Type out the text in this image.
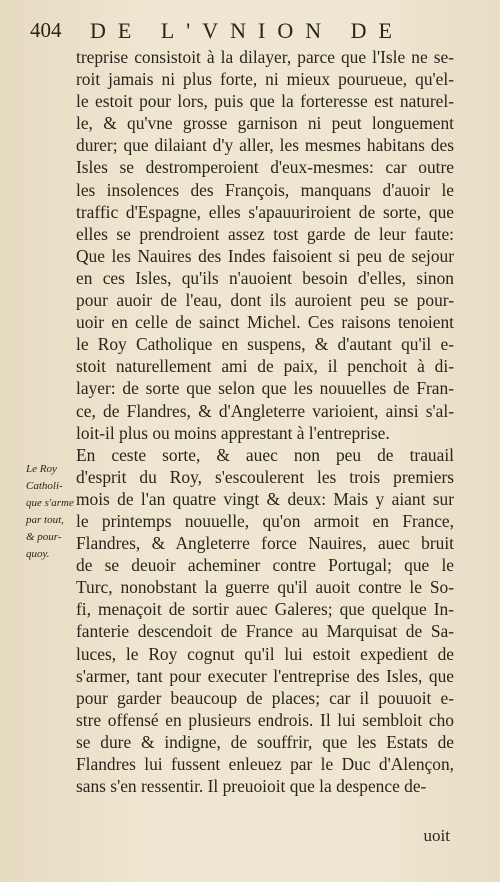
404 DE L'VNION DE
treprise consistoit à la dilayer, parce que l'Isle ne se-
roit jamais ni plus forte, ni mieux pourueue, qu'el-
le estoit pour lors, puis que la forteresse est naturel-
le, & qu'vne grosse garnison ni peut longuement
durer; que dilaiant d'y aller, les mesmes habitans des
Isles se destromperoient d'eux-mesmes: car outre
les insolences des François, manquans d'auoir le
traffic d'Espagne, elles s'apauuriroient de sorte, que
elles se prendroient assez tost garde de leur faute:
Que les Nauires des Indes faisoient si peu de sejour
en ces Isles, qu'ils n'auoient besoin d'elles, sinon
pour auoir de l'eau, dont ils auroient peu se pour-
uoir en celle de sainct Michel. Ces raisons tenoient
le Roy Catholique en suspens, & d'autant qu'il e-
stoit naturellement ami de paix, il penchoit à di-
layer: de sorte que selon que les nouuelles de Fran-
ce, de Flandres, & d'Angleterre varioient, ainsi s'al-
loit-il plus ou moins apprestant à l'entreprise.
En ceste sorte, & auec non peu de trauail
d'esprit du Roy, s'escoulerent les trois premiers
mois de l'an quatre vingt & deux: Mais y aiant sur
le printemps nouuelle, qu'on armoit en France,
Flandres, & Angleterre force Nauires, auec bruit
de se deuoir acheminer contre Portugal; que le
Turc, nonobstant la guerre qu'il auoit contre le So-
fi, menaçoit de sortir auec Galeres; que quelque In-
fanterie descendoit de France au Marquisat de Sa-
luces, le Roy cognut qu'il lui estoit expedient de
s'armer, tant pour executer l'entreprise des Isles, que
pour garder beaucoup de places; car il pouuoit e-
stre offensé en plusieurs endrois. Il lui sembloit cho
se dure & indigne, de souffrir, que les Estats de
Flandres lui fussent enleuez par le Duc d'Alençon,
sans s'en ressentir. Il preuoioit que la despence de-
Le Roy
Catholi-
que s'arme
par tout,
& pour-
quoy.
uoit
